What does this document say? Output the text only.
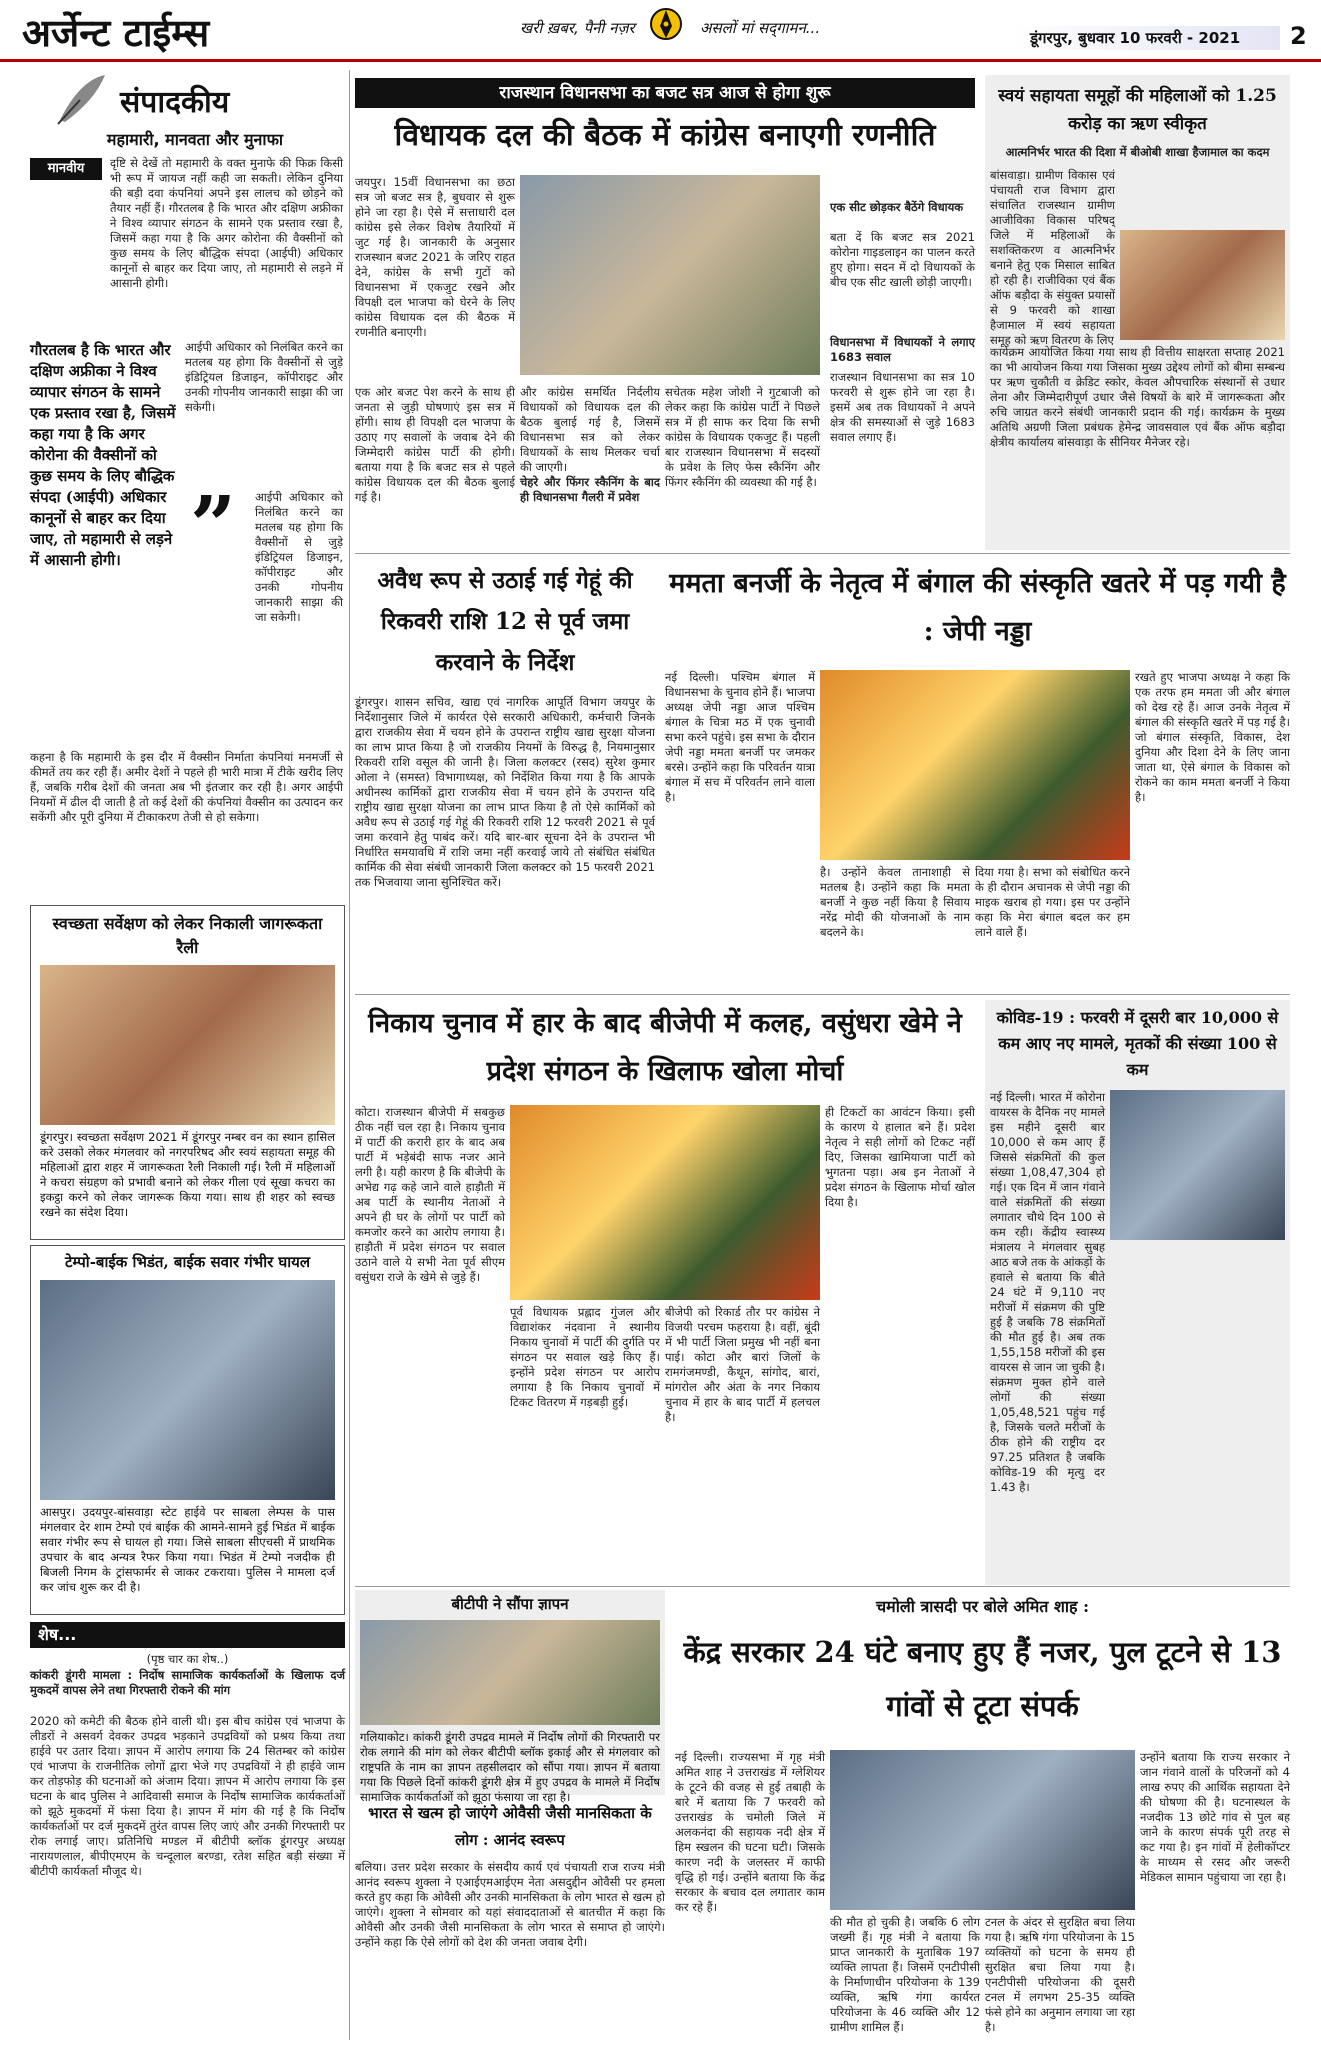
अर्जेन्ट टाईम्स	खरी ख़बर, पैनी नज़र	असलों मां सद्‌गामन...
डूंगरपुर, बुधवार 10 फरवरी - 2021 2
संपादकीय
महामारी, मानवता और मुनाफा
मानवीय	दृष्टि से देखें तो महामारी के वक्त मुनाफे की फिक्र किसी भी रूप में जायज नहीं कही जा सकती। लेकिन दुनिया की बड़ी दवा कंपनियां अपने इस लालच को छोड़ने को तैयार नहीं हैं। गौरतलब है कि भारत और दक्षिण अफ्रीका ने विश्व व्यापार संगठन के सामने एक प्रस्ताव रखा है, जिसमें कहा गया है कि अगर कोरोना की वैक्सीनों को कुछ समय के लिए बौद्धिक संपदा (आईपी) अधिकार कानूनों से बाहर कर दिया जाए, तो महामारी से लड़ने में आसानी होगी।
गौरतलब है कि भारत और दक्षिण अफ्रीका ने विश्व व्यापार संगठन के सामने एक प्रस्ताव रखा है, जिसमें कहा गया है कि अगर कोरोना की वैक्सीनों को कुछ समय के लिए बौद्धिक संपदा (आईपी) अधिकार कानूनों से बाहर कर दिया जाए, तो महामारी से लड़ने में आसानी होगी। ”
आईपी अधिकार को निलंबित करने का मतलब यह होगा कि वैक्सीनों से जुड़े इंडिट्रियल डिजाइन, कॉपीराइट और उनकी गोपनीय जानकारी साझा की जा सकेगी।
आईपी अधिकार को निलंबित करने का मतलब यह होगा कि वैक्सीनों से जुड़े इंडिट्रियल डिजाइन, कॉपीराइट और उनकी गोपनीय जानकारी साझा की जा सकेगी।
कहना है कि महामारी के इस दौर में वैक्सीन निर्माता कंपनियां मनमर्जी से कीमतें तय कर रही हैं। अमीर देशों ने पहले ही भारी मात्रा में टीके खरीद लिए हैं, जबकि गरीब देशों की जनता अब भी इंतजार कर रही है। अगर आईपी नियमों में ढील दी जाती है तो कई देशों की कंपनियां वैक्सीन का उत्पादन कर सकेंगी और पूरी दुनिया में टीकाकरण तेजी से हो सकेगा।
राजस्थान विधानसभा का बजट सत्र आज से होगा शुरू
विधायक दल की बैठक में कांग्रेस बनाएगी रणनीति
जयपुर। 15वीं विधानसभा का छठा सत्र जो बजट सत्र है, बुधवार से शुरू होने जा रहा है। ऐसे में सत्ताधारी दल कांग्रेस इसे लेकर विशेष तैयारियों में जुट गई है। जानकारी के अनुसार राजस्थान बजट 2021 के जरिए राहत देने, कांग्रेस के सभी गुटों को विधानसभा में एकजुट रखने और विपक्षी दल भाजपा को घेरने के लिए कांग्रेस विधायक दल की बैठक में रणनीति बनाएगी।
एक ओर बजट पेश करने के साथ ही जनता से जुड़ी घोषणाएं इस सत्र में होंगी। साथ ही विपक्षी दल भाजपा के उठाए गए सवालों के जवाब देने की जिम्मेदारी कांग्रेस पार्टी की होगी। बताया गया है कि बजट सत्र से पहले कांग्रेस विधायक दल की बैठक बुलाई गई है।
और कांग्रेस समर्थित निर्दलीय विधायकों को विधायक दल की बैठक बुलाई गई है, जिसमें विधानसभा सत्र को लेकर विधायकों के साथ मिलकर चर्चा की जाएगी।
चेहरे और फिंगर स्कैनिंग के बाद ही विधानसभा गैलरी में प्रवेश
सचेतक महेश जोशी ने गुटबाजी को लेकर कहा कि कांग्रेस पार्टी ने पिछले सत्र में ही साफ कर दिया कि सभी कांग्रेस के विधायक एकजुट हैं। पहली बार राजस्थान विधानसभा में सदस्यों के प्रवेश के लिए फेस स्कैनिंग और फिंगर स्कैनिंग की व्यवस्था की गई है।
एक सीट छोड़कर बैठेंगे विधायक
बता दें कि बजट सत्र 2021 कोरोना गाइडलाइन का पालन करते हुए होगा। सदन में दो विधायकों के बीच एक सीट खाली छोड़ी जाएगी।
विधानसभा में विधायकों ने लगाए 1683 सवाल
राजस्थान विधानसभा का सत्र 10 फरवरी से शुरू होने जा रहा है। इसमें अब तक विधायकों ने अपने क्षेत्र की समस्याओं से जुड़े 1683 सवाल लगाए हैं।
स्वयं सहायता समूहों की महिलाओं को 1.25 करोड़ का ऋण स्वीकृत
आत्मनिर्भर भारत की दिशा में बीओबी शाखा हैजामाल का कदम
बांसवाड़ा। ग्रामीण विकास एवं पंचायती राज विभाग द्वारा संचालित राजस्थान ग्रामीण आजीविका विकास परिषद् जिले में महिलाओं के सशक्तिकरण व आत्मनिर्भर बनाने हेतु एक मिसाल साबित हो रही है। राजीविका एवं बैंक ऑफ बड़ौदा के संयुक्त प्रयासों से 9 फरवरी को शाखा हैजामाल में स्वयं सहायता समूह को ऋण वितरण के लिए
कार्यक्रम आयोजित किया गया साथ ही वित्तीय साक्षरता सप्ताह 2021 का भी आयोजन किया गया जिसका मुख्य उद्देश्य लोगों को बीमा सम्बन्ध पर ऋण चुकौती व क्रेडिट स्कोर, केवल औपचारिक संस्थानों से उधार लेना और जिम्मेदारीपूर्ण उधार जैसे विषयों के बारे में जागरूकता और रुचि जाग्रत करने संबंधी जानकारी प्रदान की गई। कार्यक्रम के मुख्य अतिथि अग्रणी जिला प्रबंधक हेमेन्द्र जावसवाल एवं बैंक ऑफ बड़ौदा क्षेत्रीय कार्यालय बांसवाड़ा के सीनियर मैनेजर रहे।
अवैध रूप से उठाई गई गेहूं की रिकवरी राशि 12 से पूर्व जमा करवाने के निर्देश
डूंगरपुर। शासन सचिव, खाद्य एवं नागरिक आपूर्ति विभाग जयपुर के निर्देशानुसार जिले में कार्यरत ऐसे सरकारी अधिकारी, कर्मचारी जिनके द्वारा राजकीय सेवा में चयन होने के उपरान्त राष्ट्रीय खाद्य सुरक्षा योजना का लाभ प्राप्त किया है जो राजकीय नियमों के विरुद्ध है, नियमानुसार रिकवरी राशि वसूल की जानी है। जिला कलक्टर (रसद) सुरेश कुमार ओला ने (समस्त) विभागाध्यक्ष, को निर्देशित किया गया है कि आपके अधीनस्थ कार्मिकों द्वारा राजकीय सेवा में चयन होने के उपरान्त यदि राष्ट्रीय खाद्य सुरक्षा योजना का लाभ प्राप्त किया है तो ऐसे कार्मिकों को अवैध रूप से उठाई गई गेहूं की रिकवरी राशि 12 फरवरी 2021 से पूर्व जमा करवाने हेतु पाबंद करें। यदि बार-बार सूचना देने के उपरान्त भी निर्धारित समयावधि में राशि जमा नहीं करवाई जाये तो संबंधित संबंधित कार्मिक की सेवा संबंधी जानकारी जिला कलक्टर को 15 फरवरी 2021 तक भिजवाया जाना सुनिश्चित करें।
ममता बनर्जी के नेतृत्व में बंगाल की संस्कृति खतरे में पड़ गयी है : जेपी नड्डा
नई दिल्ली। पश्चिम बंगाल में विधानसभा के चुनाव होने हैं। भाजपा अध्यक्ष जेपी नड्डा आज पश्चिम बंगाल के चित्रा मठ में एक चुनावी सभा करने पहुंचे। इस सभा के दौरान जेपी नड्डा ममता बनर्जी पर जमकर बरसे। उन्होंने कहा कि परिवर्तन यात्रा बंगाल में सच में परिवर्तन लाने वाला है।
है। उन्होंने केवल तानाशाही से मतलब है। उन्होंने कहा कि ममता बनर्जी ने कुछ नहीं किया है सिवाय नरेंद्र मोदी की योजनाओं के नाम बदलने के।
दिया गया है। सभा को संबोधित करने के ही दौरान अचानक से जेपी नड्डा की माइक खराब हो गया। इस पर उन्होंने कहा कि मेरा बंगाल बदल कर हम लाने वाले हैं।
रखते हुए भाजपा अध्यक्ष ने कहा कि एक तरफ हम ममता जी और बंगाल को देख रहे हैं। आज उनके नेतृत्व में बंगाल की संस्कृति खतरे में पड़ गई है। जो बंगाल संस्कृति, विकास, देश दुनिया और दिशा देने के लिए जाना जाता था, ऐसे बंगाल के विकास को रोकने का काम ममता बनर्जी ने किया है।
स्वच्छता सर्वेक्षण को लेकर निकाली जागरूकता रैली
डूंगरपुर। स्वच्छता सर्वेक्षण 2021 में डूंगरपुर नम्बर वन का स्थान हासिल करे उसको लेकर मंगलवार को नगरपरिषद और स्वयं सहायता समूह की महिलाओं द्वारा शहर में जागरूकता रैली निकाली गई। रैली में महिलाओं ने कचरा संग्रहण को प्रभावी बनाने को लेकर गीला एवं सूखा कचरा का इकट्ठा करने को लेकर जागरूक किया गया। साथ ही शहर को स्वच्छ रखने का संदेश दिया।
टेम्पो-बाईक भिडंत, बाईक सवार गंभीर घायल
आसपुर। उदयपुर-बांसवाड़ा स्टेट हाईवे पर साबला लेम्पस के पास मंगलवार देर शाम टेम्पो एवं बाईक की आमने-सामने हुई भिडंत में बाईक सवार गंभीर रूप से घायल हो गया। जिसे साबला सीएचसी में प्राथमिक उपचार के बाद अन्यत्र रैफर किया गया। भिडंत में टेम्पो नजदीक ही बिजली निगम के ट्रांसफार्मर से जाकर टकराया। पुलिस ने मामला दर्ज कर जांच शुरू कर दी है।
शेष...
(पृष्ठ चार का शेष..)
कांकरी डूंगरी मामला : निर्दोष सामाजिक कार्यकर्ताओं के खिलाफ दर्ज मुकदमें वापस लेने तथा गिरफ्तारी रोकने की मांग
2020 को कमेटी की बैठक होने वाली थी। इस बीच कांग्रेस एवं भाजपा के लीडरों ने असवर्ग देवकर उपद्रव भड़काने उपद्रवियों को प्रश्रय किया तथा हाईवे पर उतार दिया। ज्ञापन में आरोप लगाया कि 24 सितम्बर को कांग्रेस एवं भाजपा के राजनीतिक लोगों द्वारा भेजे गए उपद्रवियों ने ही हाईवे जाम कर तोड़फोड़ की घटनाओं को अंजाम दिया। ज्ञापन में आरोप लगाया कि इस घटना के बाद पुलिस ने आदिवासी समाज के निर्दोष सामाजिक कार्यकर्ताओं को झूठे मुकदमों में फंसा दिया है। ज्ञापन में मांग की गई है कि निर्दोष कार्यकर्ताओं पर दर्ज मुकदमें तुरंत वापस लिए जाएं और उनकी गिरफ्तारी पर रोक लगाई जाए। प्रतिनिधि मण्डल में बीटीपी ब्लॉक डूंगरपुर अध्यक्ष नारायणलाल, बीपीएमएम के चन्दूलाल बरण्डा, रतेश सहित बड़ी संख्या में बीटीपी कार्यकर्ता मौजूद थे।
निकाय चुनाव में हार के बाद बीजेपी में कलह, वसुंधरा खेमे ने प्रदेश संगठन के खिलाफ खोला मोर्चा
कोटा। राजस्थान बीजेपी में सबकुछ ठीक नहीं चल रहा है। निकाय चुनाव में पार्टी की करारी हार के बाद अब पार्टी में भड़ेबंदी साफ नजर आने लगी है। यही कारण है कि बीजेपी के अभेद्य गढ़ कहे जाने वाले हाड़ौती में अब पार्टी के स्थानीय नेताओं ने अपने ही घर के लोगों पर पार्टी को कमजोर करने का आरोप लगाया है। हाड़ौती में प्रदेश संगठन पर सवाल उठाने वाले ये सभी नेता पूर्व सीएम वसुंधरा राजे के खेमे से जुड़े हैं।
पूर्व विधायक प्रह्लाद गुंजल और विद्याशंकर नंदवाना ने स्थानीय निकाय चुनावों में पार्टी की दुर्गति पर संगठन पर सवाल खड़े किए हैं। इन्होंने प्रदेश संगठन पर आरोप लगाया है कि निकाय चुनावों में टिकट वितरण में गड़बड़ी हुई।
बीजेपी को रिकार्ड तौर पर कांग्रेस ने विजयी परचम फहराया है। वहीं, बूंदी में भी पार्टी जिला प्रमुख भी नहीं बना पाई। कोटा और बारां जिलों के रामगंजमण्डी, कैथून, सांगोद, बारां, मांगरोल और अंता के नगर निकाय चुनाव में हार के बाद पार्टी में हलचल है।
ही टिकटों का आवंटन किया। इसी के कारण ये हालात बने हैं। प्रदेश नेतृत्व ने सही लोगों को टिकट नहीं दिए, जिसका खामियाजा पार्टी को भुगतना पड़ा। अब इन नेताओं ने प्रदेश संगठन के खिलाफ मोर्चा खोल दिया है।
कोविड-19 : फरवरी में दूसरी बार 10,000 से कम आए नए मामले, मृतकों की संख्या 100 से कम
नई दिल्ली। भारत में कोरोना वायरस के दैनिक नए मामले इस महीने दूसरी बार 10,000 से कम आए हैं जिससे संक्रमितों की कुल संख्या 1,08,47,304 हो गई। एक दिन में जान गंवाने वाले संक्रमितों की संख्या लगातार चौथे दिन 100 से कम रही। केंद्रीय स्वास्थ्य मंत्रालय ने मंगलवार सुबह आठ बजे तक के आंकड़ों के हवाले से बताया कि बीते 24 घंटे में 9,110 नए मरीजों में संक्रमण की पुष्टि हुई है जबकि 78 संक्रमितों की मौत हुई है। अब तक 1,55,158 मरीजों की इस वायरस से जान जा चुकी है। संक्रमण मुक्त होने वाले लोगों की संख्या 1,05,48,521 पहुंच गई है, जिसके चलते मरीजों के ठीक होने की राष्ट्रीय दर 97.25 प्रतिशत है जबकि कोविड-19 की मृत्यु दर 1.43 है।
बीटीपी ने सौंपा ज्ञापन
गलियाकोट। कांकरी डूंगरी उपद्रव मामले में निर्दोष लोगों की गिरफ्तारी पर रोक लगाने की मांग को लेकर बीटीपी ब्लॉक इकाई और से मंगलवार को राष्ट्रपति के नाम का ज्ञापन तहसीलदार को सौंपा गया। ज्ञापन में बताया गया कि पिछले दिनों कांकरी डूंगरी क्षेत्र में हुए उपद्रव के मामले में निर्दोष सामाजिक कार्यकर्ताओं को झूठा फंसाया जा रहा है।
भारत से खत्म हो जाएंगे ओवैसी जैसी मानसिकता के लोग : आनंद स्वरूप
बलिया। उत्तर प्रदेश सरकार के संसदीय कार्य एवं पंचायती राज राज्य मंत्री आनंद स्वरूप शुक्ला ने एआईएमआईएम नेता असदुद्दीन ओवैसी पर हमला करते हुए कहा कि ओवैसी और उनकी मानसिकता के लोग भारत से खत्म हो जाएंगे। शुक्ला ने सोमवार को यहां संवाददाताओं से बातचीत में कहा कि ओवैसी और उनकी जैसी मानसिकता के लोग भारत से समाप्त हो जाएंगे। उन्होंने कहा कि ऐसे लोगों को देश की जनता जवाब देगी।
चमोली त्रासदी पर बोले अमित शाह :
केंद्र सरकार 24 घंटे बनाए हुए हैं नजर, पुल टूटने से 13 गांवों से टूटा संपर्क
नई दिल्ली। राज्यसभा में गृह मंत्री अमित शाह ने उत्तराखंड में ग्लेशियर के टूटने की वजह से हुई तबाही के बारे में बताया कि 7 फरवरी को उत्तराखंड के चमोली जिले में अलकनंदा की सहायक नदी क्षेत्र में हिम स्खलन की घटना घटी। जिसके कारण नदी के जलस्तर में काफी वृद्धि हो गई। उन्होंने बताया कि केंद्र सरकार के बचाव दल लगातार काम कर रहे हैं।
की मौत हो चुकी है। जबकि 6 लोग जख्मी हैं। गृह मंत्री ने बताया कि प्राप्त जानकारी के मुताबिक 197 व्यक्ति लापता हैं। जिसमें एनटीपीसी के निर्माणाधीन परियोजना के 139 व्यक्ति, ऋषि गंगा कार्यरत परियोजना के 46 व्यक्ति और 12 ग्रामीण शामिल हैं।
टनल के अंदर से सुरक्षित बचा लिया गया है। ऋषि गंगा परियोजना के 15 व्यक्तियों को घटना के समय ही सुरक्षित बचा लिया गया है। एनटीपीसी परियोजना की दूसरी टनल में लगभग 25-35 व्यक्ति फंसे होने का अनुमान लगाया जा रहा है।
उन्होंने बताया कि राज्य सरकार ने जान गंवाने वालों के परिजनों को 4 लाख रुपए की आर्थिक सहायता देने की घोषणा की है। घटनास्थल के नजदीक 13 छोटे गांव से पुल बह जाने के कारण संपर्क पूरी तरह से कट गया है। इन गांवों में हेलीकॉप्टर के माध्यम से रसद और जरूरी मेडिकल सामान पहुंचाया जा रहा है।
